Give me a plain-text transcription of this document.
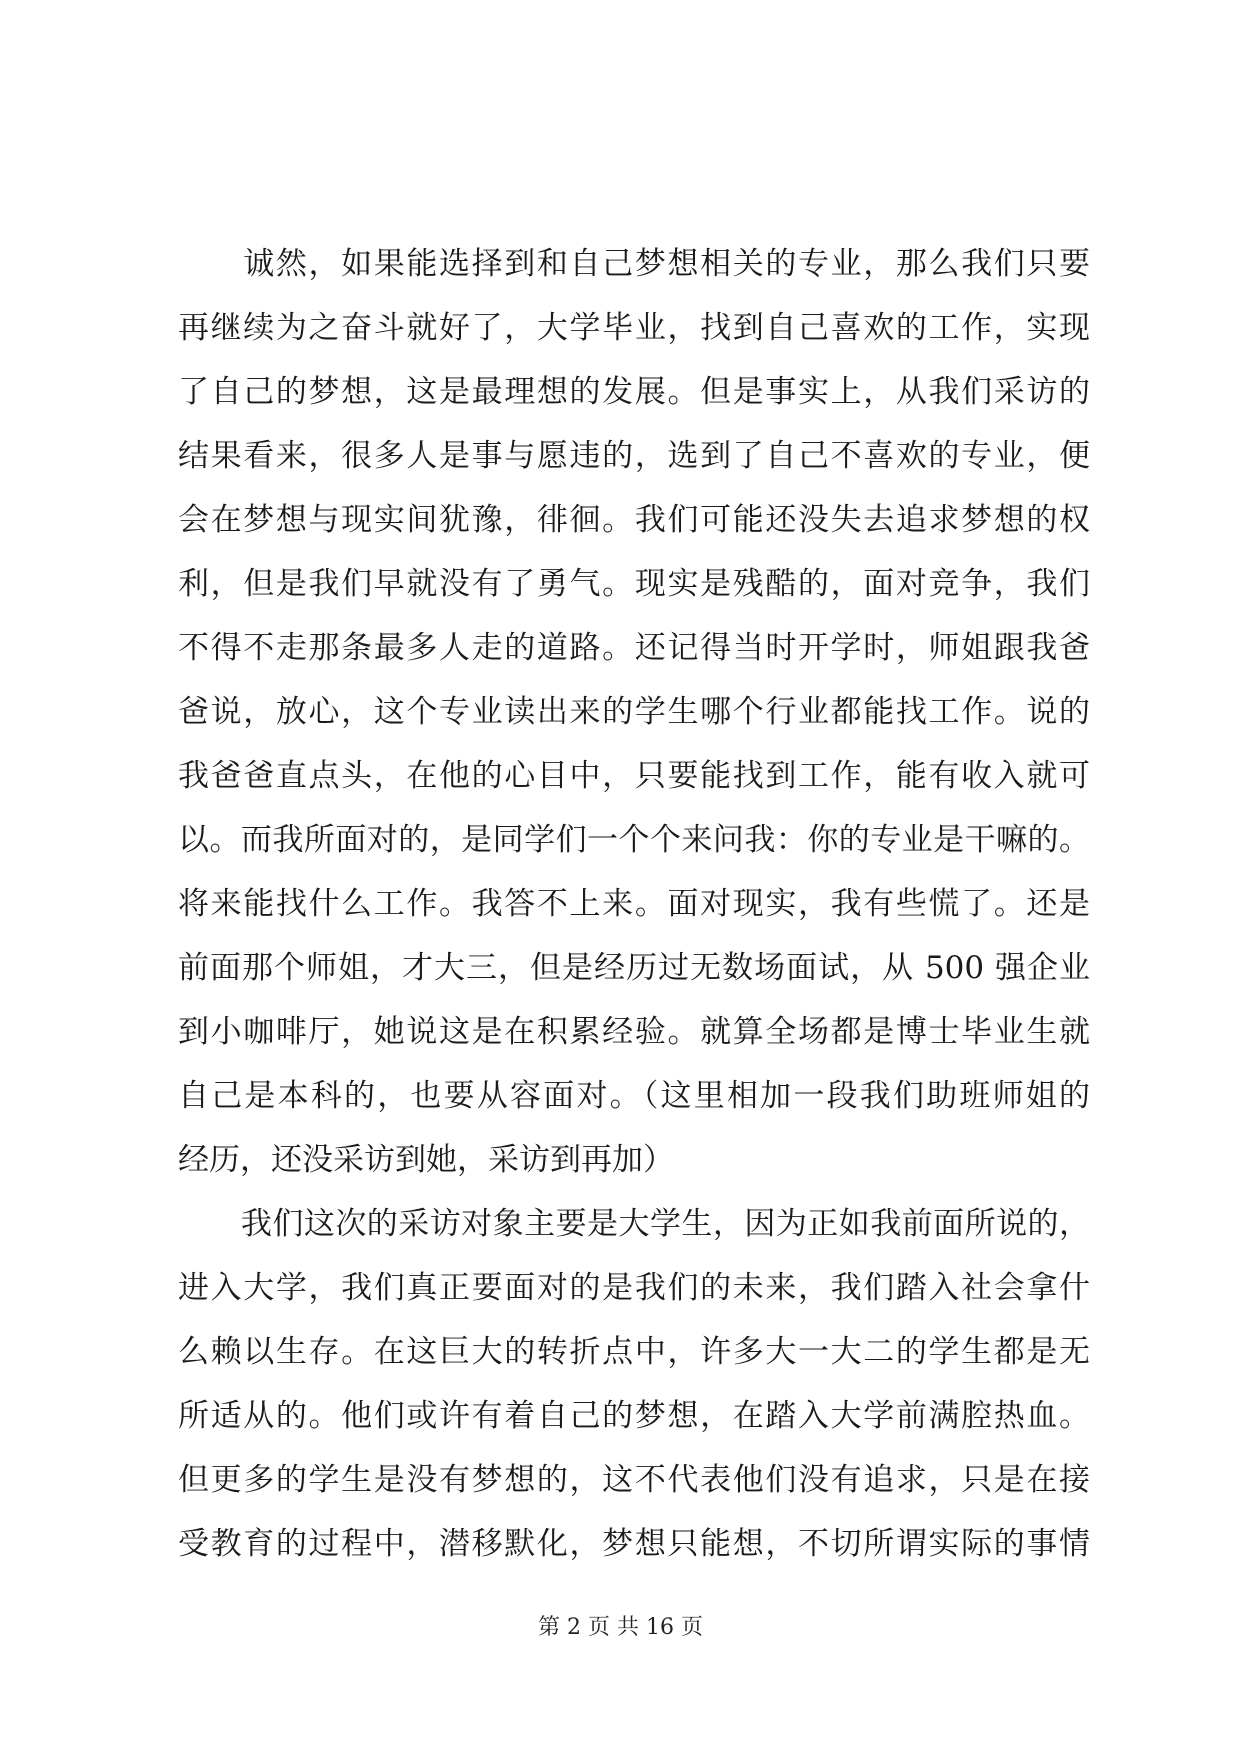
　　诚然，如果能选择到和自己梦想相关的专业，那么我们只要
再继续为之奋斗就好了，大学毕业，找到自己喜欢的工作，实现
了自己的梦想，这是最理想的发展。但是事实上，从我们采访的
结果看来，很多人是事与愿违的，选到了自己不喜欢的专业，便
会在梦想与现实间犹豫，徘徊。我们可能还没失去追求梦想的权
利，但是我们早就没有了勇气。现实是残酷的，面对竞争，我们
不得不走那条最多人走的道路。还记得当时开学时，师姐跟我爸
爸说，放心，这个专业读出来的学生哪个行业都能找工作。说的
我爸爸直点头，在他的心目中，只要能找到工作，能有收入就可
以。而我所面对的，是同学们一个个来问我：你的专业是干嘛的。
将来能找什么工作。我答不上来。面对现实，我有些慌了。还是
前面那个师姐，才大三，但是经历过无数场面试，从 500 强企业
到小咖啡厅，她说这是在积累经验。就算全场都是博士毕业生就
自己是本科的，也要从容面对。（这里相加一段我们助班师姐的
经历，还没采访到她，采访到再加）
　　我们这次的采访对象主要是大学生，因为正如我前面所说的，
进入大学，我们真正要面对的是我们的未来，我们踏入社会拿什
么赖以生存。在这巨大的转折点中，许多大一大二的学生都是无
所适从的。他们或许有着自己的梦想，在踏入大学前满腔热血。
但更多的学生是没有梦想的，这不代表他们没有追求，只是在接
受教育的过程中，潜移默化，梦想只能想，不切所谓实际的事情
第 2 页 共 16 页
